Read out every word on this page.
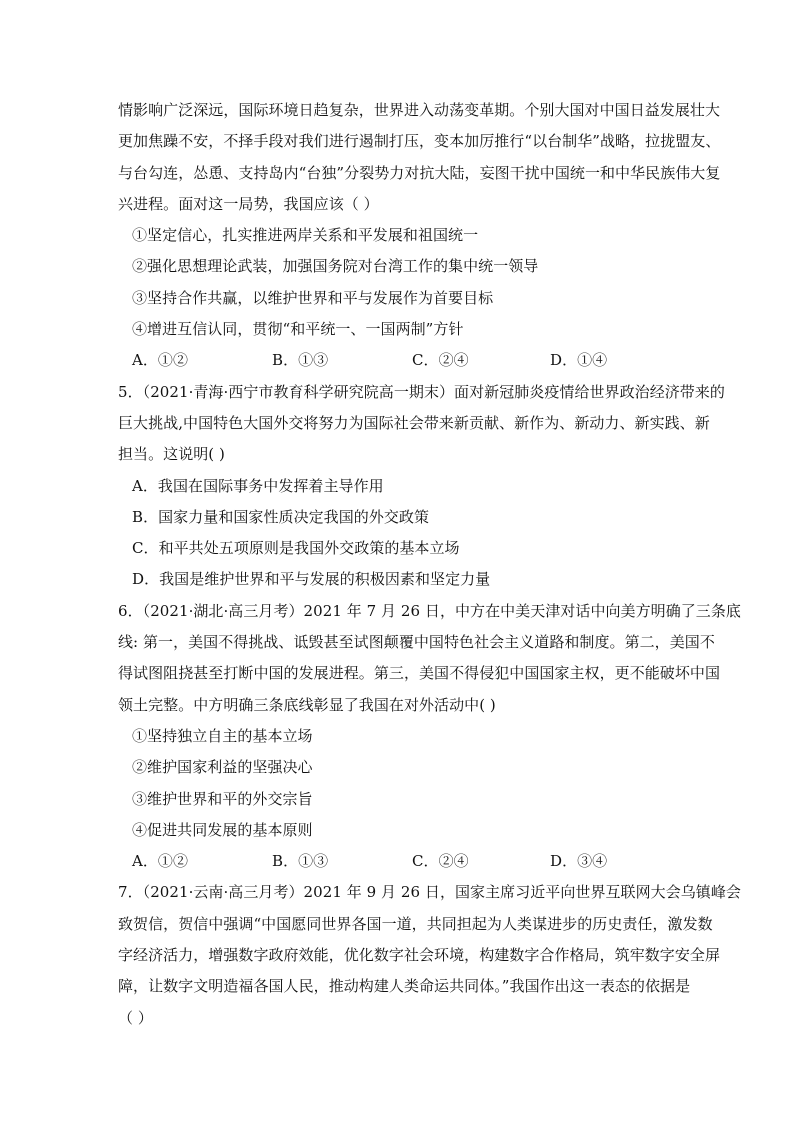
情影响广泛深远，国际环境日趋复杂，世界进入动荡变革期。个别大国对中国日益发展壮大
更加焦躁不安，不择手段对我们进行遏制打压，变本加厉推行“以台制华”战略，拉拢盟友、
与台勾连，怂恿、支持岛内“台独”分裂势力对抗大陆，妄图干扰中国统一和中华民族伟大复
兴进程。面对这一局势，我国应该（ ）
①坚定信心，扎实推进两岸关系和平发展和祖国统一
②强化思想理论武装，加强国务院对台湾工作的集中统一领导
③坚持合作共赢，以维护世界和平与发展作为首要目标
④增进互信认同，贯彻“和平统一、一国两制”方针
A．①②	B．①③	C．②④	D．①④
5．（2021·青海·西宁市教育科学研究院高一期末）面对新冠肺炎疫情给世界政治经济带来的
巨大挑战,中国特色大国外交将努力为国际社会带来新贡献、新作为、新动力、新实践、新
担当。这说明( )
A．我国在国际事务中发挥着主导作用
B．国家力量和国家性质决定我国的外交政策
C．和平共处五项原则是我国外交政策的基本立场
D．我国是维护世界和平与发展的积极因素和坚定力量
6．（2021·湖北·高三月考）2021 年 7 月 26 日，中方在中美天津对话中向美方明确了三条底
线: 第一，美国不得挑战、诋毁甚至试图颠覆中国特色社会主义道路和制度。第二，美国不
得试图阻挠甚至打断中国的发展进程。第三，美国不得侵犯中国国家主权，更不能破坏中国
领土完整。中方明确三条底线彰显了我国在对外活动中( )
①坚持独立自主的基本立场
②维护国家利益的坚强决心
③维护世界和平的外交宗旨
④促进共同发展的基本原则
A．①②	B．①③	C．②④	D．③④
7．（2021·云南·高三月考）2021 年 9 月 26 日，国家主席习近平向世界互联网大会乌镇峰会
致贺信，贺信中强调“中国愿同世界各国一道，共同担起为人类谋进步的历史责任，激发数
字经济活力，增强数字政府效能，优化数字社会环境，构建数字合作格局，筑牢数字安全屏
障，让数字文明造福各国人民，推动构建人类命运共同体。”我国作出这一表态的依据是
（ ）
